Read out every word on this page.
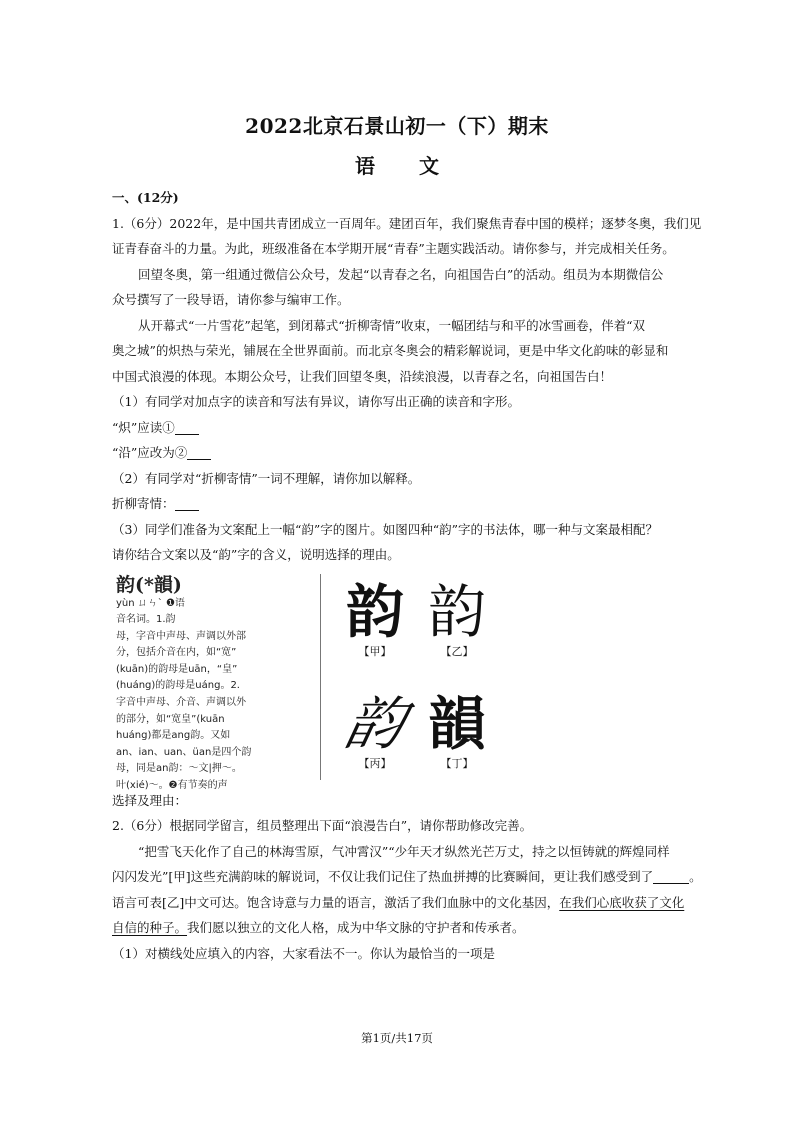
2022北京石景山初一（下）期末
语 文
一、(12分)
1.（6分）2022年，是中国共青团成立一百周年。建团百年，我们聚焦青春中国的模样；逐梦冬奥，我们见
证青春奋斗的力量。为此，班级准备在本学期开展“青春”主题实践活动。请你参与，并完成相关任务。
回望冬奥，第一组通过微信公众号，发起“以青春之名，向祖国告白”的活动。组员为本期微信公
众号撰写了一段导语，请你参与编审工作。
从开幕式“一片雪花”起笔，到闭幕式“折柳寄情”收束，一幅团结与和平的冰雪画卷，伴着“双
奥之城”的炽热与荣光，铺展在全世界面前。而北京冬奥会的精彩解说词，更是中华文化韵味的彰显和
中国式浪漫的体现。本期公众号，让我们回望冬奥，沿续浪漫，以青春之名，向祖国告白！
（1）有同学对加点字的读音和写法有异议，请你写出正确的读音和字形。
“炽”应读①
“沿”应改为②
（2）有同学对“折柳寄情”一词不理解，请你加以解释。
折柳寄情：
（3）同学们准备为文案配上一幅“韵”字的图片。如图四种“韵”字的书法体，哪一种与文案最相配？
请你结合文案以及“韵”字的含义，说明选择的理由。
韵(*韻)
yùn ㄩㄣˋ ❶语
音名词。1.韵
母，字音中声母、声调以外部
分，包括介音在内，如“宽”
(kuān)的韵母是uān，“皇”
(huáng)的韵母是uáng。2.
字音中声母、介音、声调以外
的部分，如“宽皇”(kuān
huáng)都是ang韵。又如
an、ian、uan、üan是四个韵
母，同是an韵：～文|押～。
叶(xié)～。❷有节奏的声
韵
【甲】
韵
【乙】
韵
【丙】
韻
【丁】
选择及理由：
2.（6分）根据同学留言，组员整理出下面“浪漫告白”，请你帮助修改完善。
“把雪飞天化作了自己的林海雪原，气冲霄汉”“少年天才纵然光芒万丈，持之以恒铸就的辉煌同样
闪闪发光”[甲]这些充满韵味的解说词，不仅让我们记住了热血拼搏的比赛瞬间，更让我们感受到了	。
语言可表[乙]中文可达。饱含诗意与力量的语言，激活了我们血脉中的文化基因，在我们心底收获了文化
自信的种子。我们愿以独立的文化人格，成为中华文脉的守护者和传承者。
（1）对横线处应填入的内容，大家看法不一。你认为最恰当的一项是
第1页/共17页
